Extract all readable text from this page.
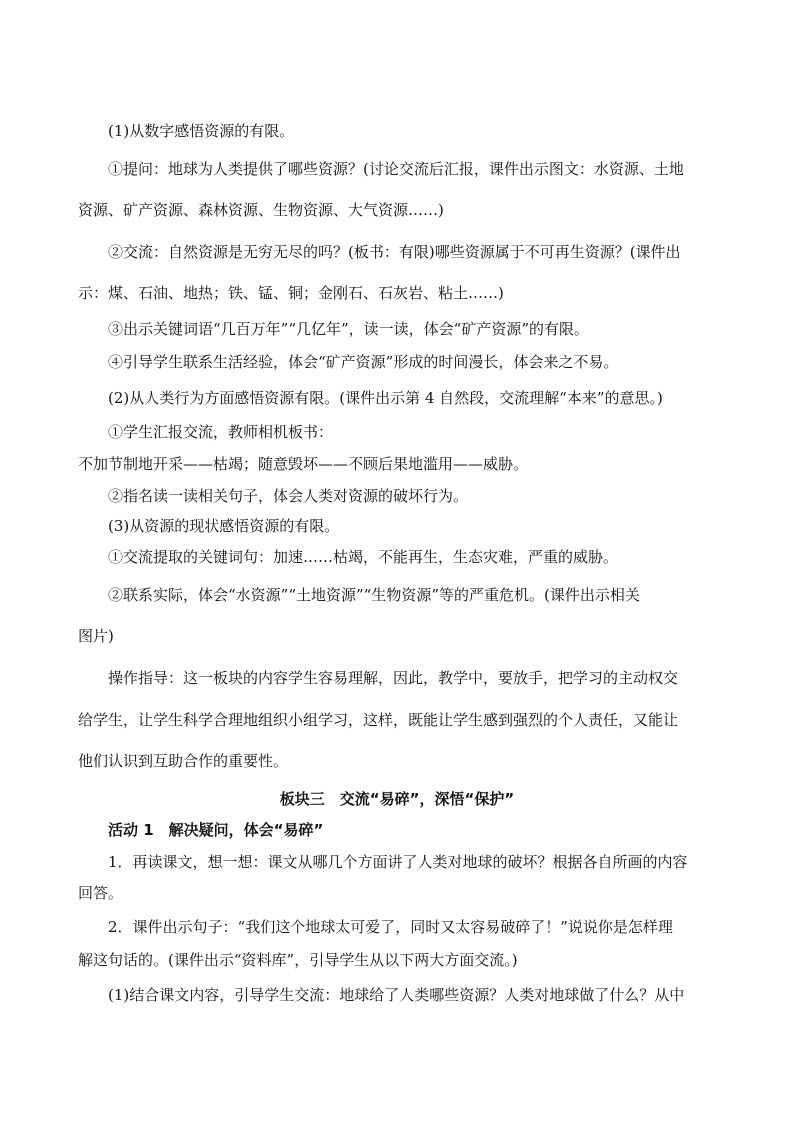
(1)从数字感悟资源的有限。
①提问：地球为人类提供了哪些资源？(讨论交流后汇报，课件出示图文：水资源、土地
资源、矿产资源、森林资源、生物资源、大气资源……)
②交流：自然资源是无穷无尽的吗？(板书：有限)哪些资源属于不可再生资源？(课件出
示：煤、石油、地热；铁、锰、铜；金刚石、石灰岩、粘土……)
③出示关键词语“几百万年”“几亿年”，读一读，体会“矿产资源”的有限。
④引导学生联系生活经验，体会“矿产资源”形成的时间漫长，体会来之不易。
(2)从人类行为方面感悟资源有限。(课件出示第 4 自然段，交流理解“本来”的意思。)
①学生汇报交流，教师相机板书：
不加节制地开采——枯竭；随意毁坏——不顾后果地滥用——威胁。
②指名读一读相关句子，体会人类对资源的破坏行为。
(3)从资源的现状感悟资源的有限。
①交流提取的关键词句：加速……枯竭，不能再生，生态灾难，严重的威胁。
②联系实际，体会“水资源”“土地资源”“生物资源”等的严重危机。(课件出示相关
图片)
操作指导：这一板块的内容学生容易理解，因此，教学中，要放手，把学习的主动权交
给学生，让学生科学合理地组织小组学习，这样，既能让学生感到强烈的个人责任，又能让
他们认识到互助合作的重要性。
板块三　交流“易碎”，深悟“保护”
活动 1　解决疑问，体会“易碎”
1．再读课文，想一想：课文从哪几个方面讲了人类对地球的破坏？根据各自所画的内容
回答。
2．课件出示句子：“我们这个地球太可爱了，同时又太容易破碎了！”说说你是怎样理
解这句话的。(课件出示“资料库”，引导学生从以下两大方面交流。)
(1)结合课文内容，引导学生交流：地球给了人类哪些资源？人类对地球做了什么？从中
